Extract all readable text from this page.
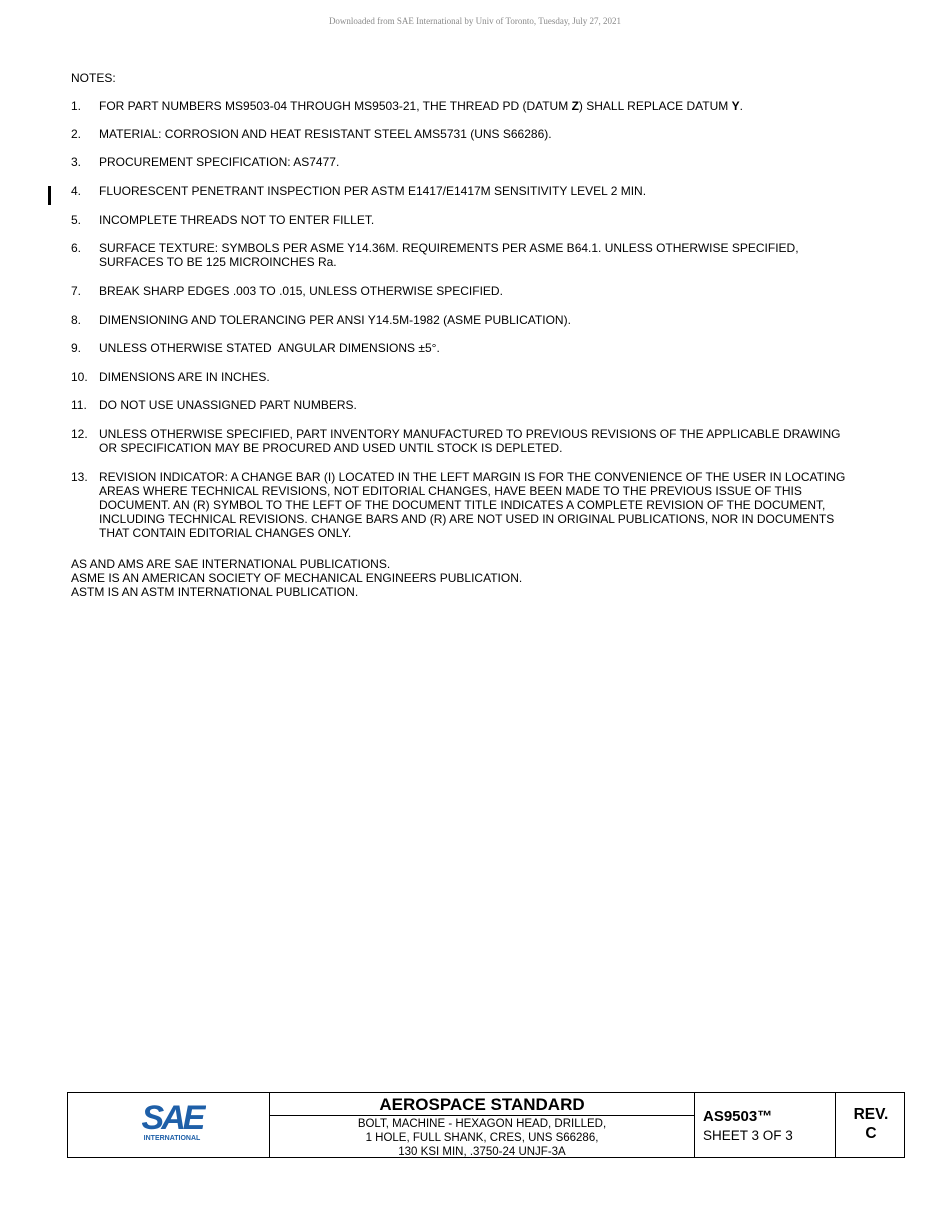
Downloaded from SAE International by Univ of Toronto, Tuesday, July 27, 2021
NOTES:
1. FOR PART NUMBERS MS9503-04 THROUGH MS9503-21, THE THREAD PD (DATUM Z) SHALL REPLACE DATUM Y.
2. MATERIAL: CORROSION AND HEAT RESISTANT STEEL AMS5731 (UNS S66286).
3. PROCUREMENT SPECIFICATION: AS7477.
4. FLUORESCENT PENETRANT INSPECTION PER ASTM E1417/E1417M SENSITIVITY LEVEL 2 MIN.
5. INCOMPLETE THREADS NOT TO ENTER FILLET.
6. SURFACE TEXTURE: SYMBOLS PER ASME Y14.36M. REQUIREMENTS PER ASME B64.1. UNLESS OTHERWISE SPECIFIED,
SURFACES TO BE 125 MICROINCHES Ra.
7. BREAK SHARP EDGES .003 TO .015, UNLESS OTHERWISE SPECIFIED.
8. DIMENSIONING AND TOLERANCING PER ANSI Y14.5M-1982 (ASME PUBLICATION).
9. UNLESS OTHERWISE STATED  ANGULAR DIMENSIONS ±5°.
10. DIMENSIONS ARE IN INCHES.
11. DO NOT USE UNASSIGNED PART NUMBERS.
12. UNLESS OTHERWISE SPECIFIED, PART INVENTORY MANUFACTURED TO PREVIOUS REVISIONS OF THE APPLICABLE DRAWING
OR SPECIFICATION MAY BE PROCURED AND USED UNTIL STOCK IS DEPLETED.
13. REVISION INDICATOR: A CHANGE BAR (I) LOCATED IN THE LEFT MARGIN IS FOR THE CONVENIENCE OF THE USER IN LOCATING
AREAS WHERE TECHNICAL REVISIONS, NOT EDITORIAL CHANGES, HAVE BEEN MADE TO THE PREVIOUS ISSUE OF THIS
DOCUMENT. AN (R) SYMBOL TO THE LEFT OF THE DOCUMENT TITLE INDICATES A COMPLETE REVISION OF THE DOCUMENT,
INCLUDING TECHNICAL REVISIONS. CHANGE BARS AND (R) ARE NOT USED IN ORIGINAL PUBLICATIONS, NOR IN DOCUMENTS
THAT CONTAIN EDITORIAL CHANGES ONLY.
AS AND AMS ARE SAE INTERNATIONAL PUBLICATIONS.
ASME IS AN AMERICAN SOCIETY OF MECHANICAL ENGINEERS PUBLICATION.
ASTM IS AN ASTM INTERNATIONAL PUBLICATION.
SAE
INTERNATIONAL
AEROSPACE STANDARD
BOLT, MACHINE - HEXAGON HEAD, DRILLED,
1 HOLE, FULL SHANK, CRES, UNS S66286,
130 KSI MIN, .3750-24 UNJF-3A
AS9503™
SHEET 3 OF 3
REV.
C
